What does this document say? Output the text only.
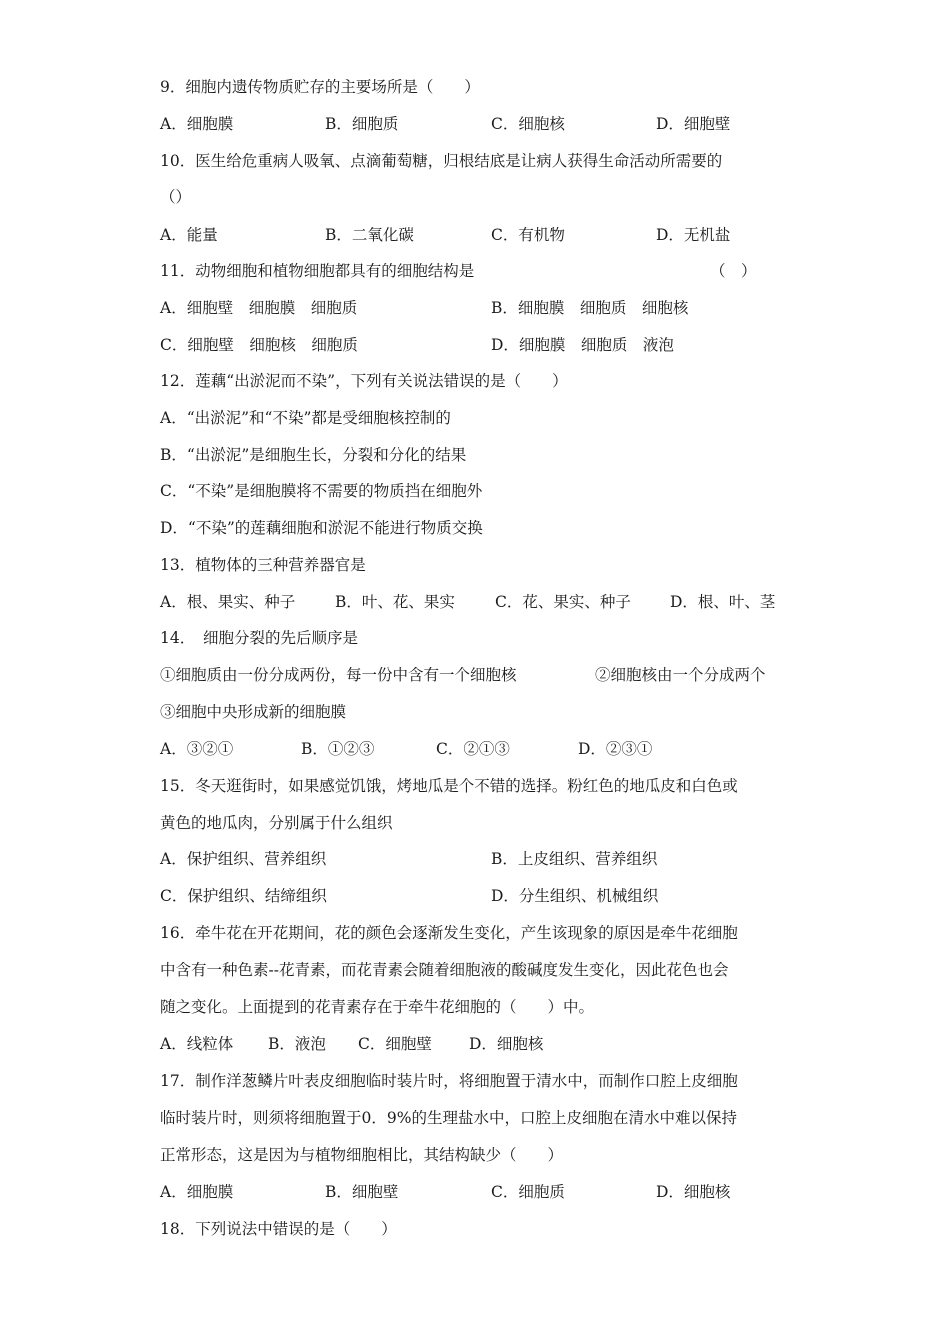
9．细胞内遗传物质贮存的主要场所是（　　）
A．细胞膜	B．细胞质	C．细胞核	D．细胞壁
10．医生给危重病人吸氧、点滴葡萄糖，归根结底是让病人获得生命活动所需要的
（）
A．能量	B．二氧化碳	C．有机物	D．无机盐
11．动物细胞和植物细胞都具有的细胞结构是	（　）
A．细胞壁　细胞膜　细胞质	B．细胞膜　细胞质　细胞核
C．细胞壁　细胞核　细胞质	D．细胞膜　细胞质　液泡
12．莲藕“出淤泥而不染”，下列有关说法错误的是（　　）
A．“出淤泥”和“不染”都是受细胞核控制的
B．“出淤泥”是细胞生长，分裂和分化的结果
C．“不染”是细胞膜将不需要的物质挡在细胞外
D．“不染”的莲藕细胞和淤泥不能进行物质交换
13．植物体的三种营养器官是
A．根、果实、种子	B．叶、花、果实	C．花、果实、种子	D．根、叶、茎
14．　细胞分裂的先后顺序是
①细胞质由一份分成两份，每一份中含有一个细胞核	②细胞核由一个分成两个
③细胞中央形成新的细胞膜
A．③②①	B．①②③	C．②①③	D．②③①
15．冬天逛街时，如果感觉饥饿，烤地瓜是个不错的选择。粉红色的地瓜皮和白色或
黄色的地瓜肉，分别属于什么组织
A．保护组织、营养组织	B．上皮组织、营养组织
C．保护组织、结缔组织	D．分生组织、机械组织
16．牵牛花在开花期间，花的颜色会逐渐发生变化，产生该现象的原因是牵牛花细胞
中含有一种色素--花青素，而花青素会随着细胞液的酸碱度发生变化，因此花色也会
随之变化。上面提到的花青素存在于牵牛花细胞的（　　）中。
A．线粒体 B．液泡 C．细胞壁 D．细胞核
17．制作洋葱鳞片叶表皮细胞临时装片时，将细胞置于清水中，而制作口腔上皮细胞
临时装片时，则须将细胞置于0．9%的生理盐水中，口腔上皮细胞在清水中难以保持
正常形态，这是因为与植物细胞相比，其结构缺少（　　）
A．细胞膜	B．细胞壁	C．细胞质	D．细胞核
18．下列说法中错误的是（　　）
